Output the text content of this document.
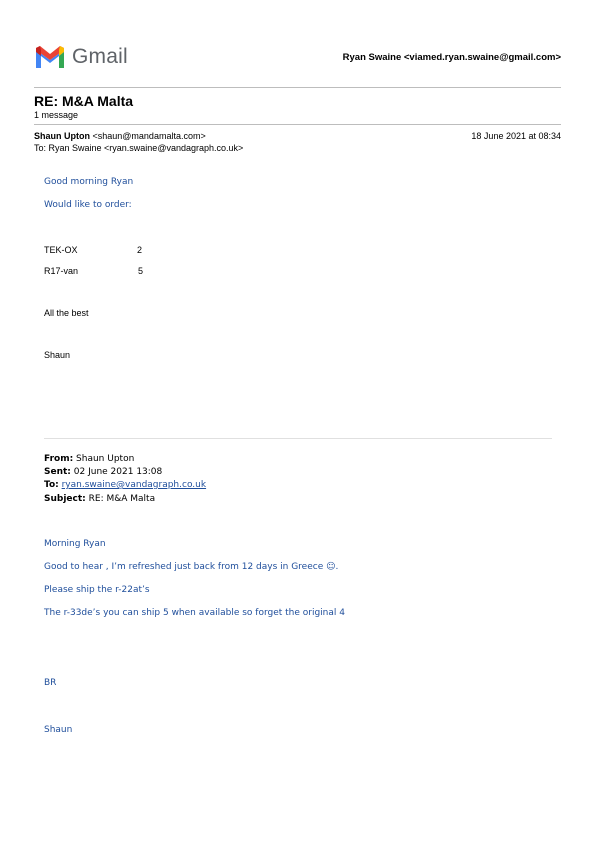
Gmail	Ryan Swaine <viamed.ryan.swaine@gmail.com>
RE: M&A Malta
1 message
Shaun Upton <shaun@mandamalta.com>	18 June 2021 at 08:34
To: Ryan Swaine <ryan.swaine@vandagraph.co.uk>
Good morning Ryan
Would like to order:
TEK-OX	2
R17-van	5
All the best
Shaun
From: Shaun Upton
Sent: 02 June 2021 13:08
To: ryan.swaine@vandagraph.co.uk
Subject: RE: M&A Malta
Morning Ryan
Good to hear , I’m refreshed just back from 12 days in Greece ☺.
Please ship the r-22at’s
The r-33de’s you can ship 5 when available so forget the original 4
BR
Shaun
